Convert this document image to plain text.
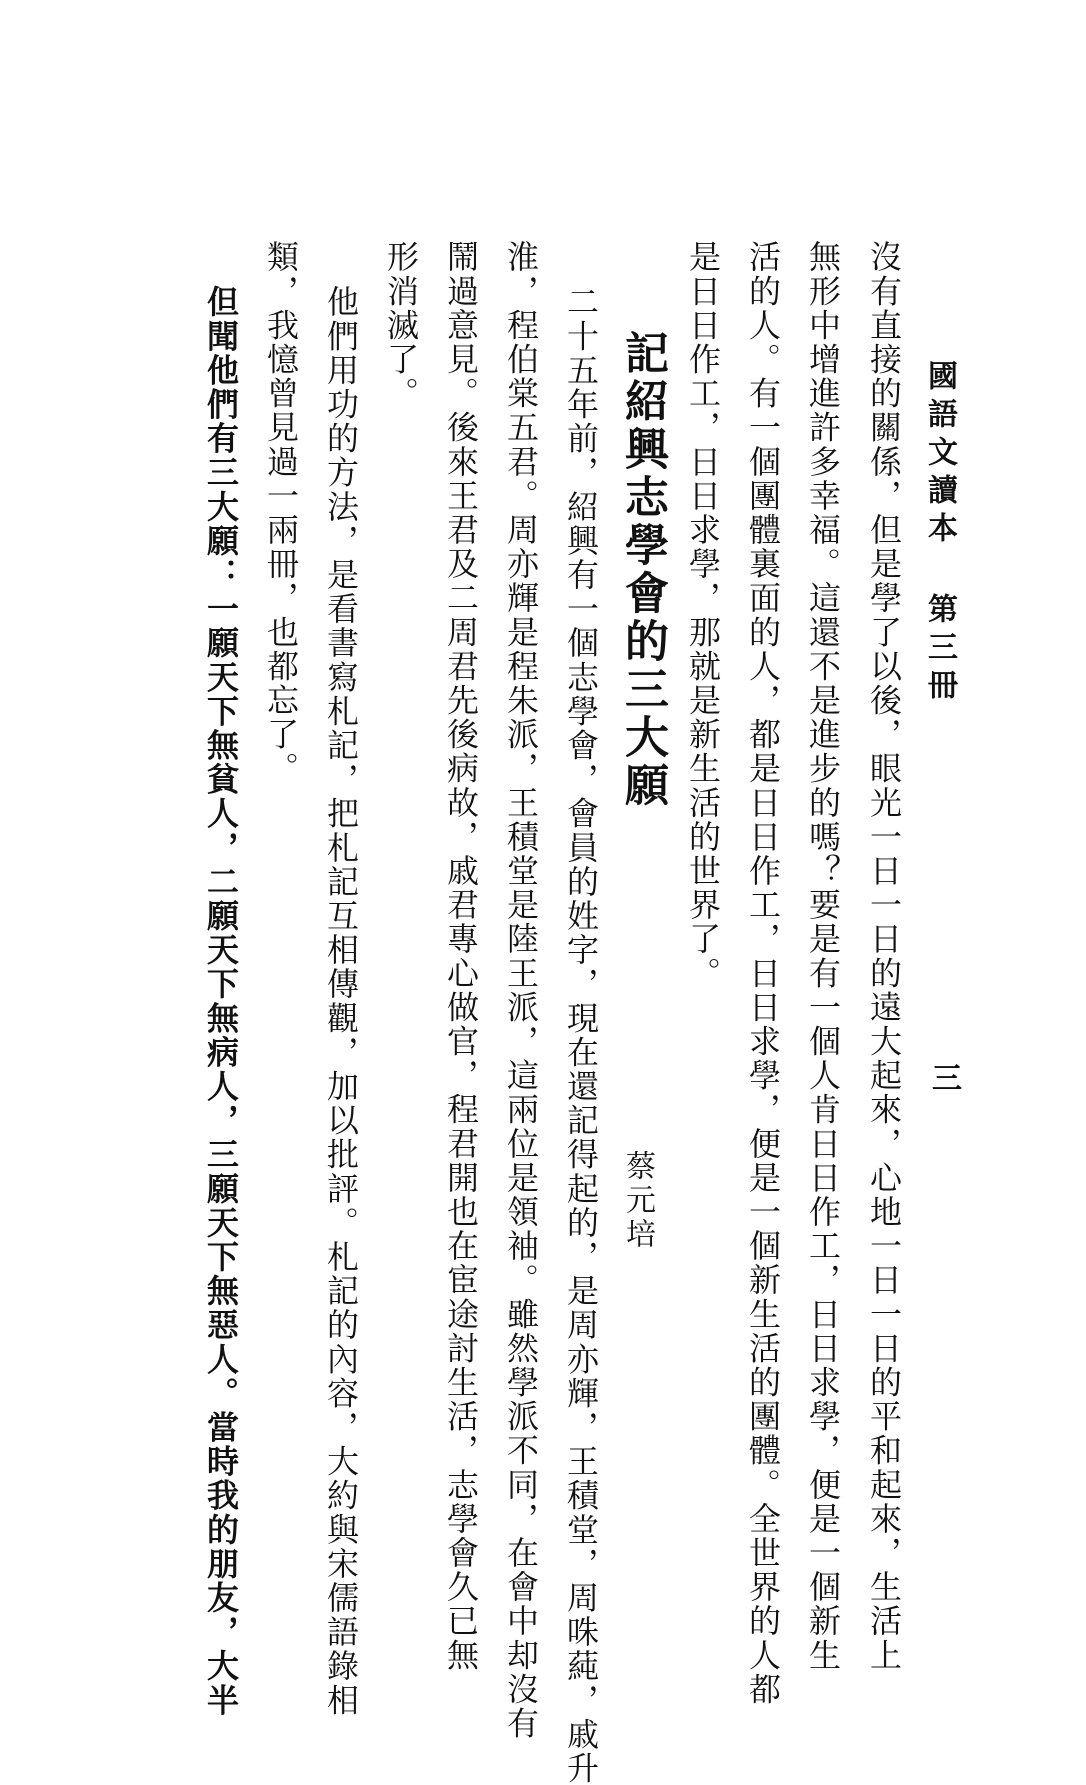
國語文讀本 第三冊
三
沒有直接的關係，但是學了以後，眼光一日一日的遠大起來，心地一日一日的平和起來，生活上
無形中增進許多幸福。這還不是進步的嗎？要是有一個人肯日日作工，日日求學，便是一個新生
活的人。有一個團體裏面的人，都是日日作工，日日求學，便是一個新生活的團體。全世界的人都
是日日作工，日日求學，那就是新生活的世界了。
記紹興志學會的三大願
蔡元培
二十五年前，紹興有一個志學會，會員的姓字，現在還記得起的，是周亦輝，王積堂，周咮蒓，戚升
淮，程伯棠五君。周亦輝是程朱派，王積堂是陸王派，這兩位是領袖。雖然學派不同，在會中却沒有
鬧過意見。後來王君及二周君先後病故，戚君專心做官，程君開也在宦途討生活，志學會久已無
形消滅了。
他們用功的方法，是看書寫札記，把札記互相傳觀，加以批評。札記的內容，大約與宋儒語錄相
類，我憶曾見過一兩冊，也都忘了。
但聞他們有三大願：一願天下無貧人，二願天下無病人，三願天下無惡人。當時我的朋友，大半
